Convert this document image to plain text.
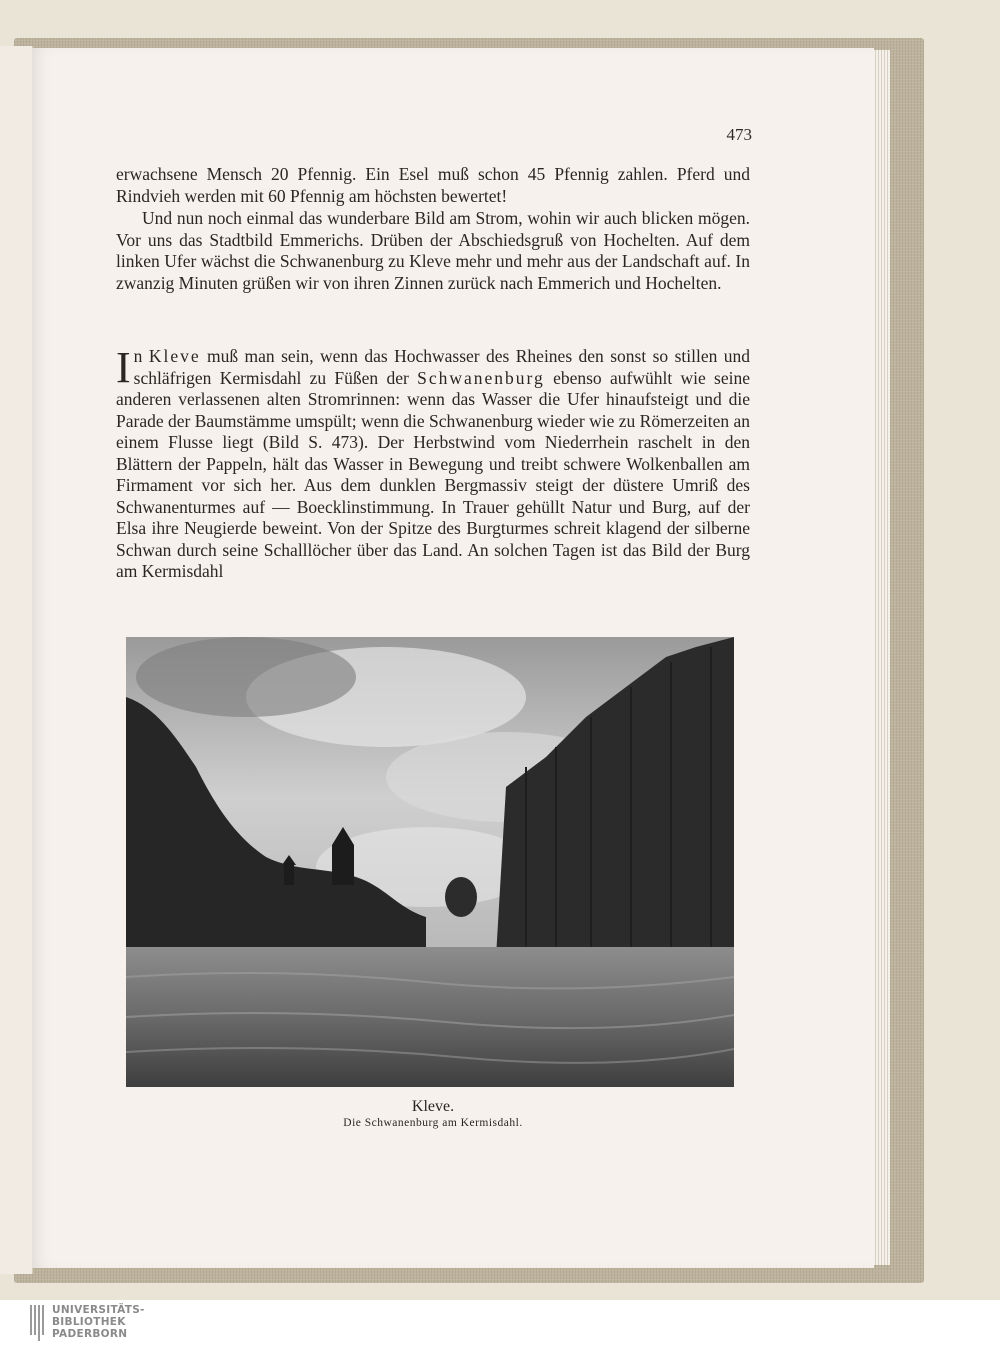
473
erwachsene Mensch 20 Pfennig. Ein Esel muß schon 45 Pfennig zahlen. Pferd und Rindvieh werden mit 60 Pfennig am höchsten bewertet!
Und nun noch einmal das wunderbare Bild am Strom, wohin wir auch blicken mögen. Vor uns das Stadtbild Emmerichs. Drüben der Abschiedsgruß von Hochelten. Auf dem linken Ufer wächst die Schwanenburg zu Kleve mehr und mehr aus der Landschaft auf. In zwanzig Minuten grüßen wir von ihren Zinnen zurück nach Emmerich und Hochelten.
In Kleve muß man sein, wenn das Hochwasser des Rheines den sonst so stillen und schläfrigen Kermisdahl zu Füßen der Schwanenburg ebenso aufwühlt wie seine anderen verlassenen alten Stromrinnen: wenn das Wasser die Ufer hinaufsteigt und die Parade der Baumstämme umspült; wenn die Schwanenburg wieder wie zu Römerzeiten an einem Flusse liegt (Bild S. 473). Der Herbstwind vom Niederrhein raschelt in den Blättern der Pappeln, hält das Wasser in Bewegung und treibt schwere Wolkenballen am Firmament vor sich her. Aus dem dunklen Bergmassiv steigt der düstere Umriß des Schwanenturmes auf — Boecklinstimmung. In Trauer gehüllt Natur und Burg, auf der Elsa ihre Neugierde beweint. Von der Spitze des Burgturmes schreit klagend der silberne Schwan durch seine Schalllöcher über das Land. An solchen Tagen ist das Bild der Burg am Kermisdahl
Kleve.
Die Schwanenburg am Kermisdahl.
UNIVERSITÄTS-
BIBLIOTHEK
PADERBORN
